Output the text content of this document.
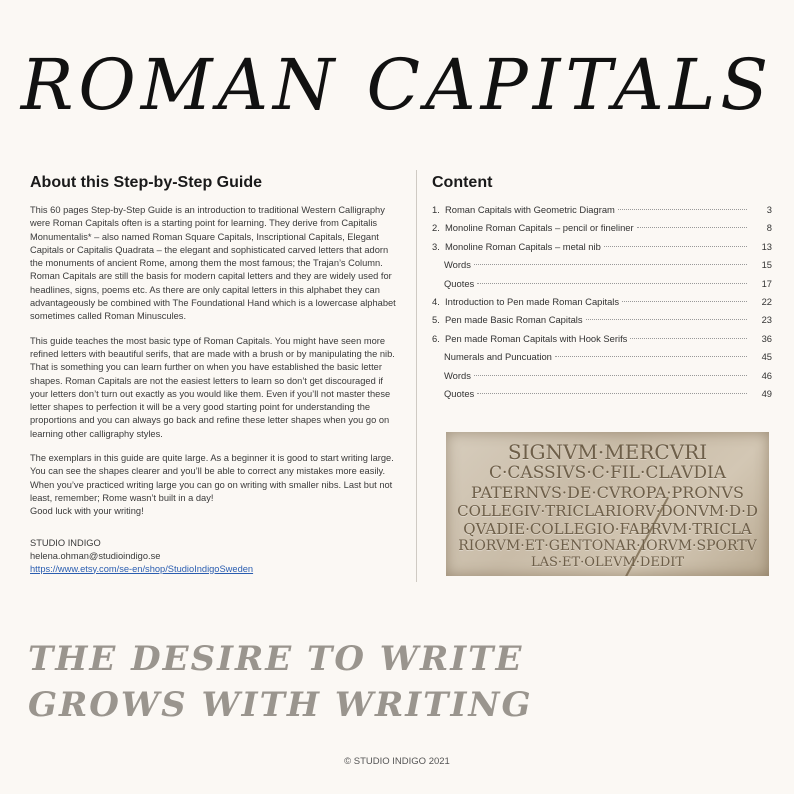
ROMAN CAPITALS
About this Step-by-Step Guide

This 60 pages Step-by-Step Guide is an introduction to traditional Western Calligraphy were Roman Capitals often is a starting point for learning. They derive from Capitalis Monumentalis* – also named Roman Square Capitals, Inscriptional Capitals, Elegant Capitals or Capitalis Quadrata – the elegant and sophisticated carved letters that adorn the monuments of ancient Rome, among them the most famous; the Trajan’s Column. Roman Capitals are still the basis for modern capital letters and they are widely used for headlines, signs, poems etc. As there are only capital letters in this alphabet they can advantageously be combined with The Foundational Hand which is a lowercase alphabet sometimes called Roman Minuscules.

This guide teaches the most basic type of Roman Capitals. You might have seen more refined letters with beautiful serifs, that are made with a brush or by manipulating the nib. That is something you can learn further on when you have established the basic letter shapes. Roman Capitals are not the easiest letters to learn so don’t get discouraged if your letters don’t turn out exactly as you would like them. Even if you’ll not master these letter shapes to perfection it will be a very good starting point for understanding the proportions and you can always go back and refine these letter shapes when you go on learning other calligraphy styles.

The exemplars in this guide are quite large. As a beginner it is good to start writing large. You can see the shapes clearer and you’ll be able to correct any mistakes more easily. When you’ve practiced writing large you can go on writing with smaller nibs. Last but not least, remember; Rome wasn’t built in a day!

Good luck with your writing!

STUDIO INDIGO
helena.ohman@studioindigo.se
https://www.etsy.com/se-en/shop/StudioIndigoSweden
Content
1. Roman Capitals with Geometric Diagram	3
2. Monoline Roman Capitals – pencil or fineliner	8
3. Monoline Roman Capitals – metal nib	13
Words	15
Quotes	17
4. Introduction to Pen made Roman Capitals	22
5. Pen made Basic Roman Capitals	23
6. Pen made Roman Capitals with Hook Serifs	36
Numerals and Puncuation	45
Words	46
Quotes	49
SIGNVM·MERCVRI
C·CASSIVS·C·FIL·CLAVDIA
PATERNVS·DE·CVROPA·PRONVS
COLLEGIV·TRICLARIORV·DONVM·D·D
QVADIE·COLLEGIO·FABRVM·TRICLA
RIORVM·ET·GENTONAR·IORVM·SPORTV
LAS·ET·OLEVM·DEDIT
THE DESIRE TO WRITE
GROWS WITH WRITING
© STUDIO INDIGO 2021
